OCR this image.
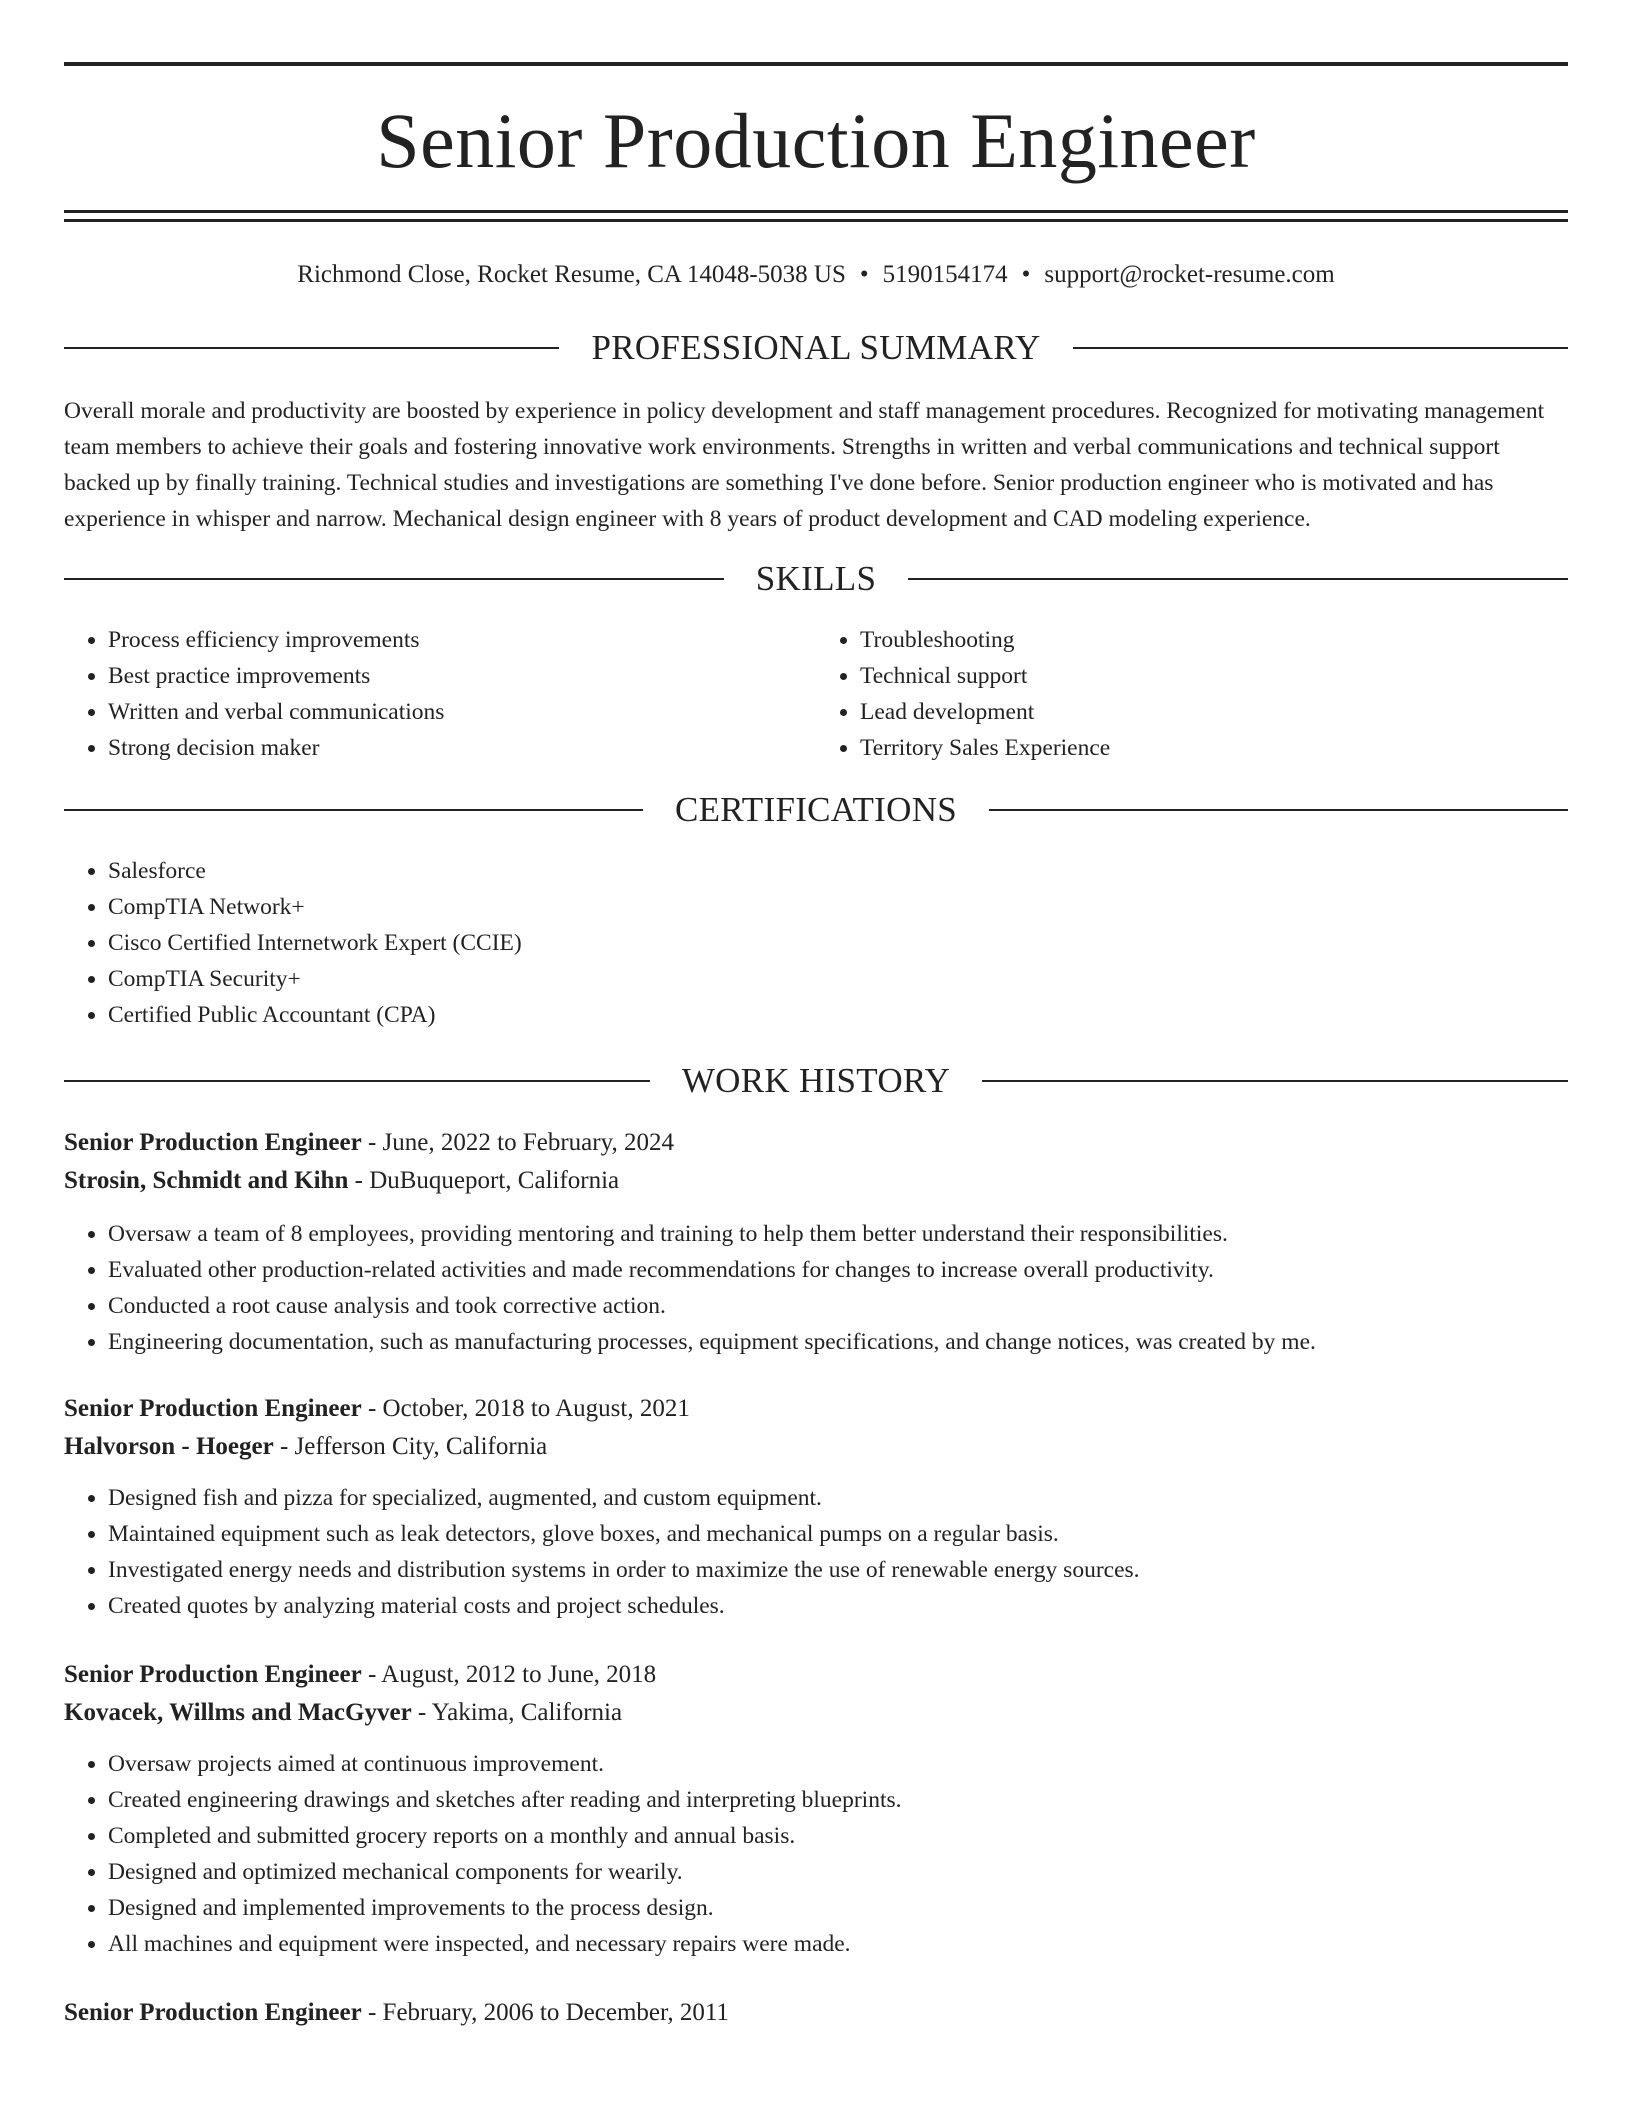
Senior Production Engineer
Richmond Close, Rocket Resume, CA 14048-5038 US • 5190154174 • support@rocket-resume.com
PROFESSIONAL SUMMARY

Overall morale and productivity are boosted by experience in policy development and staff management procedures. Recognized for motivating management team members to achieve their goals and fostering innovative work environments. Strengths in written and verbal communications and technical support backed up by finally training. Technical studies and investigations are something I've done before. Senior production engineer who is motivated and has experience in whisper and narrow. Mechanical design engineer with 8 years of product development and CAD modeling experience.

SKILLS
• Process efficiency improvements
• Best practice improvements
• Written and verbal communications
• Strong decision maker
• Troubleshooting
• Technical support
• Lead development
• Territory Sales Experience
CERTIFICATIONS
• Salesforce
• CompTIA Network+
• Cisco Certified Internetwork Expert (CCIE)
• CompTIA Security+
• Certified Public Accountant (CPA)
WORK HISTORY
Senior Production Engineer - June, 2022 to February, 2024
Strosin, Schmidt and Kihn - DuBuqueport, California
• Oversaw a team of 8 employees, providing mentoring and training to help them better understand their responsibilities.
• Evaluated other production-related activities and made recommendations for changes to increase overall productivity.
• Conducted a root cause analysis and took corrective action.
• Engineering documentation, such as manufacturing processes, equipment specifications, and change notices, was created by me.
Senior Production Engineer - October, 2018 to August, 2021
Halvorson - Hoeger - Jefferson City, California
• Designed fish and pizza for specialized, augmented, and custom equipment.
• Maintained equipment such as leak detectors, glove boxes, and mechanical pumps on a regular basis.
• Investigated energy needs and distribution systems in order to maximize the use of renewable energy sources.
• Created quotes by analyzing material costs and project schedules.
Senior Production Engineer - August, 2012 to June, 2018
Kovacek, Willms and MacGyver - Yakima, California
• Oversaw projects aimed at continuous improvement.
• Created engineering drawings and sketches after reading and interpreting blueprints.
• Completed and submitted grocery reports on a monthly and annual basis.
• Designed and optimized mechanical components for wearily.
• Designed and implemented improvements to the process design.
• All machines and equipment were inspected, and necessary repairs were made.
Senior Production Engineer - February, 2006 to December, 2011
